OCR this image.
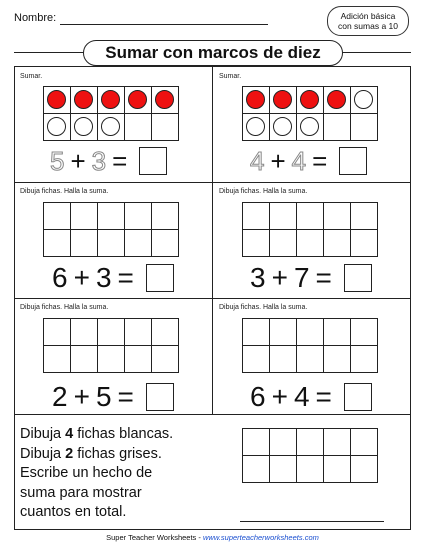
Nombre:	Adición básica
con sumas a 10
Sumar con marcos de diez
Sumar.
5 + 3 =
Sumar.
4 + 4 =
Dibuja fichas. Halla la suma.
6 + 3 =
Dibuja fichas. Halla la suma.
3 + 7 =
Dibuja fichas. Halla la suma.
2 + 5 =
Dibuja fichas. Halla la suma.
6 + 4 =
Dibuja 4 fichas blancas.
Dibuja 2 fichas grises.
Escribe un hecho de
suma para mostrar
cuantos en total.
Super Teacher Worksheets - www.superteacherworksheets.com
